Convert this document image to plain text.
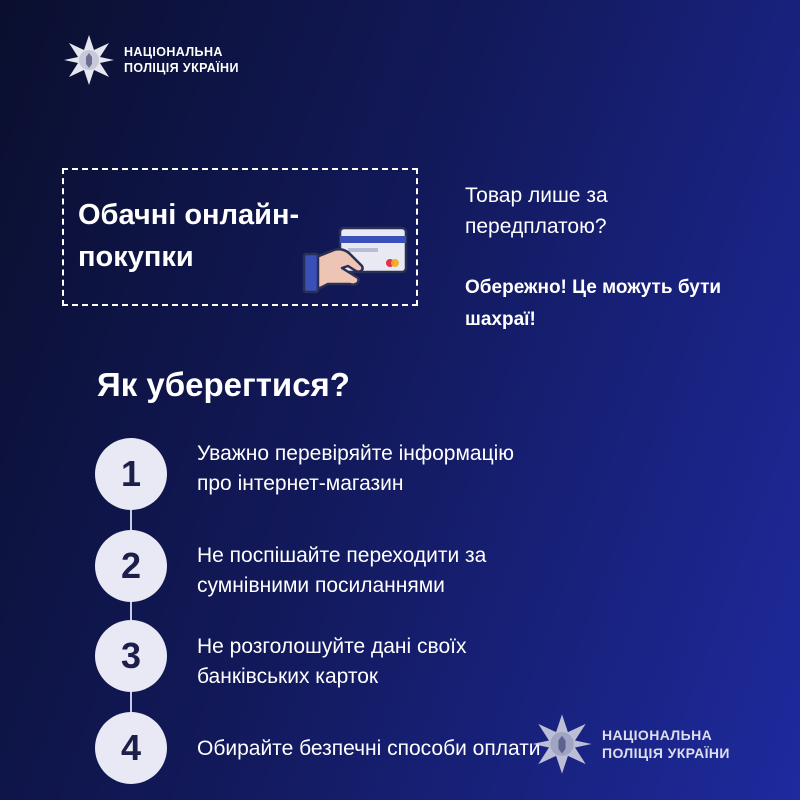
НАЦІОНАЛЬНА
ПОЛІЦІЯ УКРАЇНИ
Обачні онлайн-
покупки
Товар лише за
передплатою?
Обережно! Це можуть бути
шахраї!
Як уберегтися?
1	Уважно перевіряйте інформацію
про інтернет-магазин
2	Не поспішайте переходити за
сумнівними посиланнями
3	Не розголошуйте дані своїх
банківських карток
4	Обирайте безпечні способи оплати
НАЦІОНАЛЬНА
ПОЛІЦІЯ УКРАЇНИ
